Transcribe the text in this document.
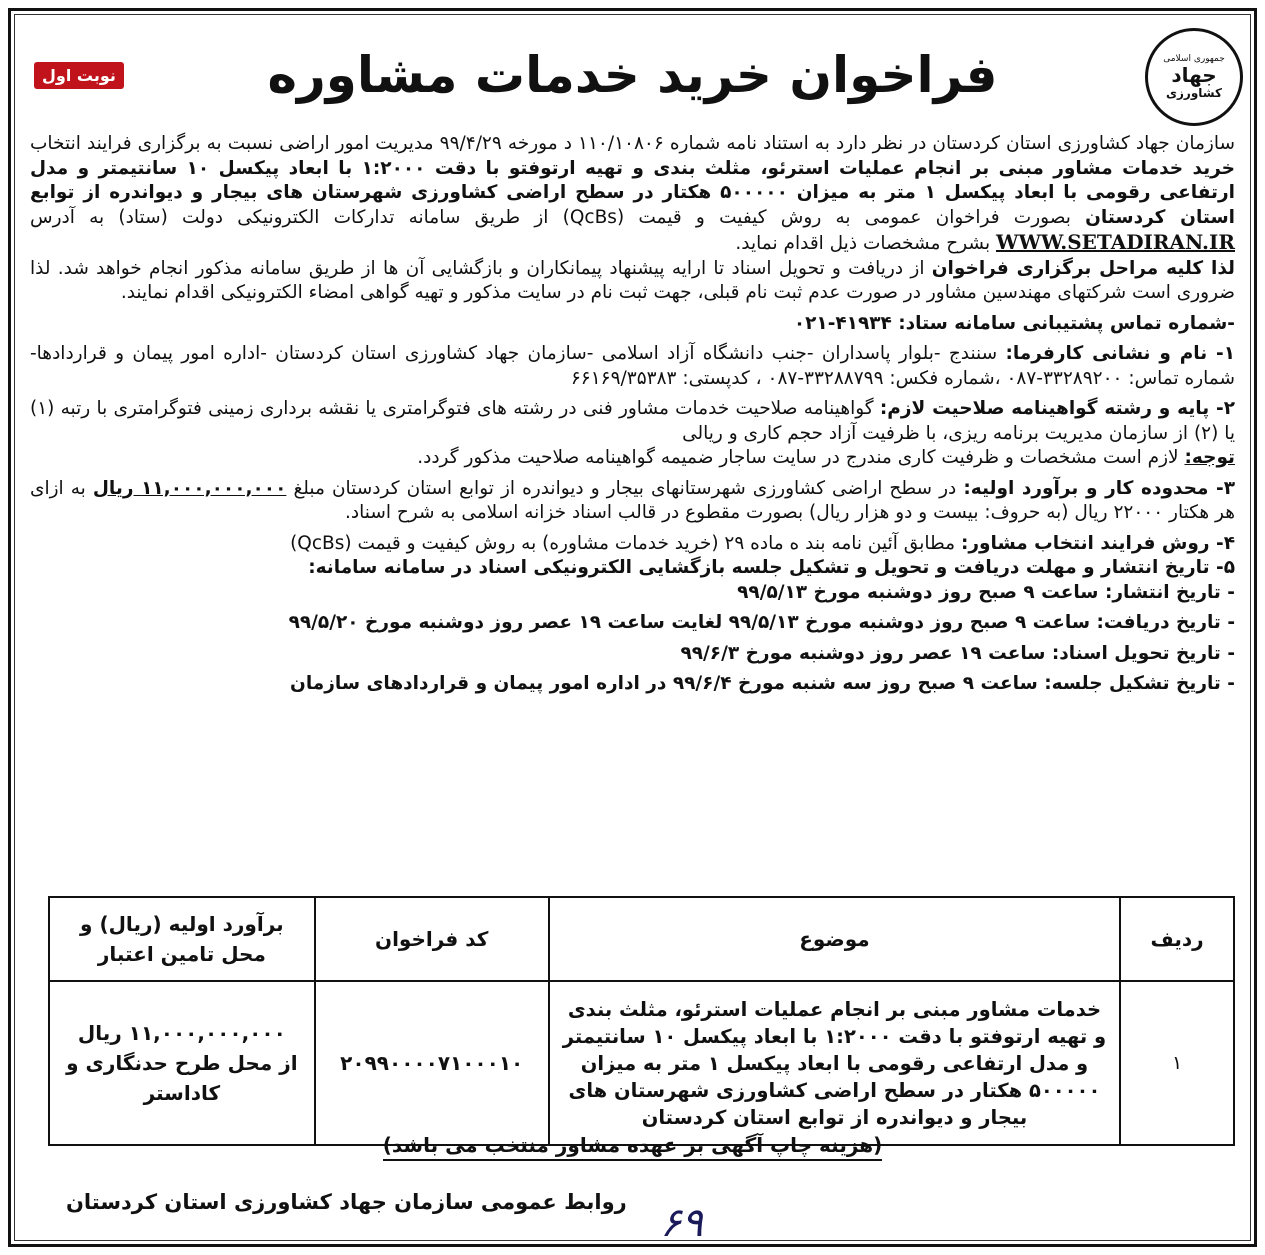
جمهوری اسلامی
جهاد
کشاورزی
نوبت اول	فراخوان خرید خدمات مشاوره

سازمان جهاد کشاورزی استان کردستان در نظر دارد به استناد نامه شماره ۱۱۰/۱۰۸۰۶ د مورخه ۹۹/۴/۲۹ مدیریت امور اراضی نسبت به برگزاری فرایند انتخاب خرید خدمات مشاور مبنی بر انجام عملیات استرئو، مثلث بندی و تهیه ارتوفتو با دقت ۱:۲۰۰۰ با ابعاد پیکسل ۱۰ سانتیمتر و مدل ارتفاعی رقومی با ابعاد پیکسل ۱ متر به میزان ۵۰۰۰۰۰ هکتار در سطح اراضی کشاورزی شهرستان های بیجار و دیواندره از توابع استان کردستان بصورت فراخوان عمومی به روش کیفیت و قیمت (QcBs) از طریق سامانه تدارکات الکترونیکی دولت (ستاد) به آدرس WWW.SETADIRAN.IR بشرح مشخصات ذیل اقدام نماید.

لذا کلیه مراحل برگزاری فراخوان از دریافت و تحویل اسناد تا ارایه پیشنهاد پیمانکاران و بازگشایی آن ها از طریق سامانه مذکور انجام خواهد شد. لذا ضروری است شرکتهای مهندسین مشاور در صورت عدم ثبت نام قبلی، جهت ثبت نام در سایت مذکور و تهیه گواهی امضاء الکترونیکی اقدام نمایند.

-شماره تماس پشتیبانی سامانه ستاد: ۴۱۹۳۴-۰۲۱

۱- نام و نشانی کارفرما: سنندج -بلوار پاسداران -جنب دانشگاه آزاد اسلامی -سازمان جهاد کشاورزی استان کردستان -اداره امور پیمان و قراردادها- شماره تماس: ۳۳۲۸۹۲۰۰-۰۸۷ ،شماره فکس: ۳۳۲۸۸۷۹۹-۰۸۷ ، کدپستی: ۶۶۱۶۹/۳۵۳۸۳

۲- پایه و رشته گواهینامه صلاحیت لازم: گواهینامه صلاحیت خدمات مشاور فنی در رشته های فتوگرامتری یا نقشه برداری زمینی فتوگرامتری با رتبه (۱) یا (۲) از سازمان مدیریت برنامه ریزی، با ظرفیت آزاد حجم کاری و ریالی

توجه: لازم است مشخصات و ظرفیت کاری مندرج در سایت ساجار ضمیمه گواهینامه صلاحیت مذکور گردد.

۳- محدوده کار و برآورد اولیه: در سطح اراضی کشاورزی شهرستانهای بیجار و دیواندره از توابع استان کردستان مبلغ ۱۱,۰۰۰,۰۰۰,۰۰۰ ریال به ازای هر هکتار ۲۲۰۰۰ ریال (به حروف: بیست و دو هزار ریال) بصورت مقطوع در قالب اسناد خزانه اسلامی به شرح اسناد.

۴- روش فرایند انتخاب مشاور: مطابق آئین نامه بند ه ماده ۲۹ (خرید خدمات مشاوره) به روش کیفیت و قیمت (QcBs)

۵- تاریخ انتشار و مهلت دریافت و تحویل و تشکیل جلسه بازگشایی الکترونیکی اسناد در سامانه سامانه:

- تاریخ انتشار: ساعت ۹ صبح روز دوشنبه مورخ ۹۹/۵/۱۳

- تاریخ دریافت: ساعت ۹ صبح روز دوشنبه مورخ ۹۹/۵/۱۳ لغایت ساعت ۱۹ عصر روز دوشنبه مورخ ۹۹/۵/۲۰

- تاریخ تحویل اسناد: ساعت ۱۹ عصر روز دوشنبه مورخ ۹۹/۶/۳

- تاریخ تشکیل جلسه: ساعت ۹ صبح روز سه شنبه مورخ ۹۹/۶/۴ در اداره امور پیمان و قراردادهای سازمان

ردیف	موضوع	کد فراخوان	برآورد اولیه (ریال) و محل تامین اعتبار
۱	خدمات مشاور مبنی بر انجام عملیات استرئو، مثلث بندی و تهیه ارتوفتو با دقت ۱:۲۰۰۰ با ابعاد پیکسل ۱۰ سانتیمتر و مدل ارتفاعی رقومی با ابعاد پیکسل ۱ متر به میزان ۵۰۰۰۰۰ هکتار در سطح اراضی کشاورزی شهرستان های بیجار و دیواندره از توابع استان کردستان	۲۰۹۹۰۰۰۰۷۱۰۰۰۱۰	۱۱,۰۰۰,۰۰۰,۰۰۰ ریال
از محل طرح حدنگاری و کاداستر
(هزینه چاپ آگهی بر عهده مشاور منتخب می باشد)
روابط عمومی سازمان جهاد کشاورزی استان کردستان ۶۹
